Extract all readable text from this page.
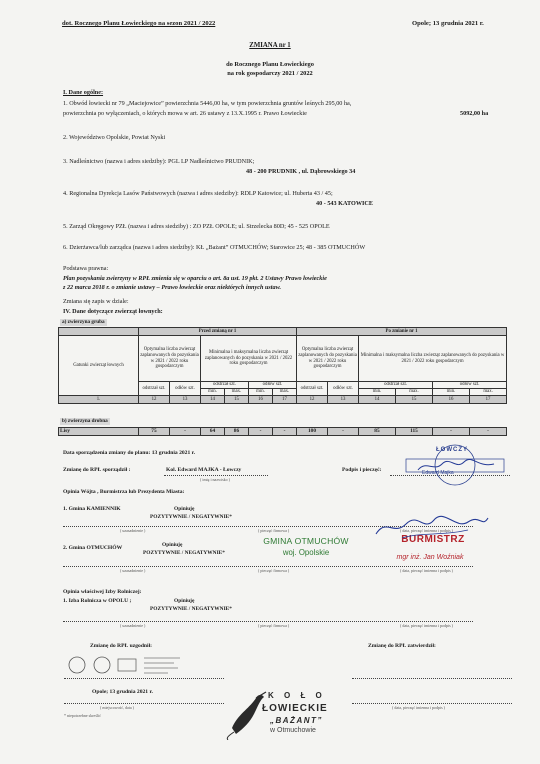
dot. Rocznego Planu Łowieckiego na sezon 2021 / 2022	Opole; 13 grudnia 2021 r.
ZMIANA nr 1
do Rocznego Planu Łowieckiego
na rok gospodarczy 2021 / 2022
I. Dane ogólne:
1. Obwód łowiecki nr 79 „Maciejowice” powierzchnia 5446,00 ha, w tym powierzchnia gruntów leśnych 295,00 ha,
powierzchnia po wyłączeniach, o których mowa w art. 26 ustawy z 13.X.1995 r. Prawo Łowieckie	5092,00 ha
2. Województwo Opolskie, Powiat Nyski
3. Nadleśnictwo (nazwa i adres siedziby): PGL LP Nadleśnictwo PRUDNIK;
48 - 200 PRUDNIK , ul. Dąbrowskiego 34
4. Regionalna Dyrekcja Lasów Państwowych (nazwa i adres siedziby): RDLP Katowice; ul. Huberta 43 / 45;
40 - 543 KATOWICE
5. Zarząd Okręgowy PZŁ (nazwa i adres siedziby) : ZO PZŁ OPOLE; ul. Strzelecka 80D; 45 - 525 OPOLE
6. Dzierżawca/lub zarządca (nazwa i adres siedziby): KŁ „Bażant” OTMUCHÓW; Starowice 25; 48 - 385 OTMUCHÓW
Podstawa prawna:
Plan pozyskania zwierzyny w RPŁ zmienia się w oparciu o art. 8a ust. 19 pkt. 2 Ustawy Prawo łowieckie
z 22 marca 2018 r. o zmianie ustawy – Prawo łowieckie oraz niektórych innych ustaw.
Zmiana się zapis w dziale:
IV. Dane dotyczące zwierząt łownych:
a) zwierzyna gruba
	Przed zmianą nr 1						Po zmianie nr 1					
Gatunki zwierząt łownych	Optymalna liczba zwierząt zaplanowanych do pozyskania w 2021 / 2022 roku gospodarczym		Minimalna i maksymalna liczba zwierząt zaplanowanych do pozyskania w 2021 / 2022 roku gospodarczym				Optymalna liczba zwierząt zaplanowanych do pozyskania w 2021 / 2022 roku gospodarczym		Minimalna i maksymalna liczba zwierząt zaplanowanych do pozyskania w 2021 / 2022 roku gospodarczym			
	odstrzał szt.	odłów szt.	odstrzał szt.		odłów szt.		odstrzał szt.	odłów szt.	odstrzał szt.		odłów szt.	
			min.	max.	min.	max.			min.	max.	min.	max.
1.	12	13	14	15	16	17	12	13	14	15	16	17
b) zwierzyna drobna
Lisy	75	-	64	86	-	-	100	-	85	115	-	-
Data sporządzenia zmiany do planu: 13 grudnia 2021 r.
Zmianę do RPŁ sporządził :	Kol. Edward MAJKA - Łowczy
( imię i nazwisko )
Podpis i pieczęć:
ŁOWCZY
Edward Majka
Opinia Wójta , Burmistrza lub Prezydenta Miasta:
1. Gmina KAMIENNIK	Opiniuję
POZYTYWNIE / NEGATYWNIE*
( uzasadnienie )	( pieczęć firmowa )	( data, pieczęć imienna i podpis )
2. Gmina OTMUCHÓW	Opiniuję
POZYTYWNIE / NEGATYWNIE*
( uzasadnienie )	( pieczęć firmowa )	( data, pieczęć imienna i podpis )
GMINA OTMUCHÓW
woj. Opolskie
BURMISTRZ
mgr inż. Jan Woźniak
Opinia właściwej Izby Rolniczej:
1. Izba Rolnicza w OPOLU ;	Opiniuję
POZYTYWNIE / NEGATYWNIE*
( uzasadnienie )	( pieczęć firmowa )	( data, pieczęć imienna i podpis )
Zmianę do RPŁ uzgodnił:	Zmianę do RPŁ zatwierdził:
Opole; 13 grudnia 2021 r.
( miejscowość, data )
* niepotrzebne skreślić
( data, pieczęć imienna i podpis )
K O Ł O
ŁOWIECKIE
„BAŻANT”
w Otmuchowie
